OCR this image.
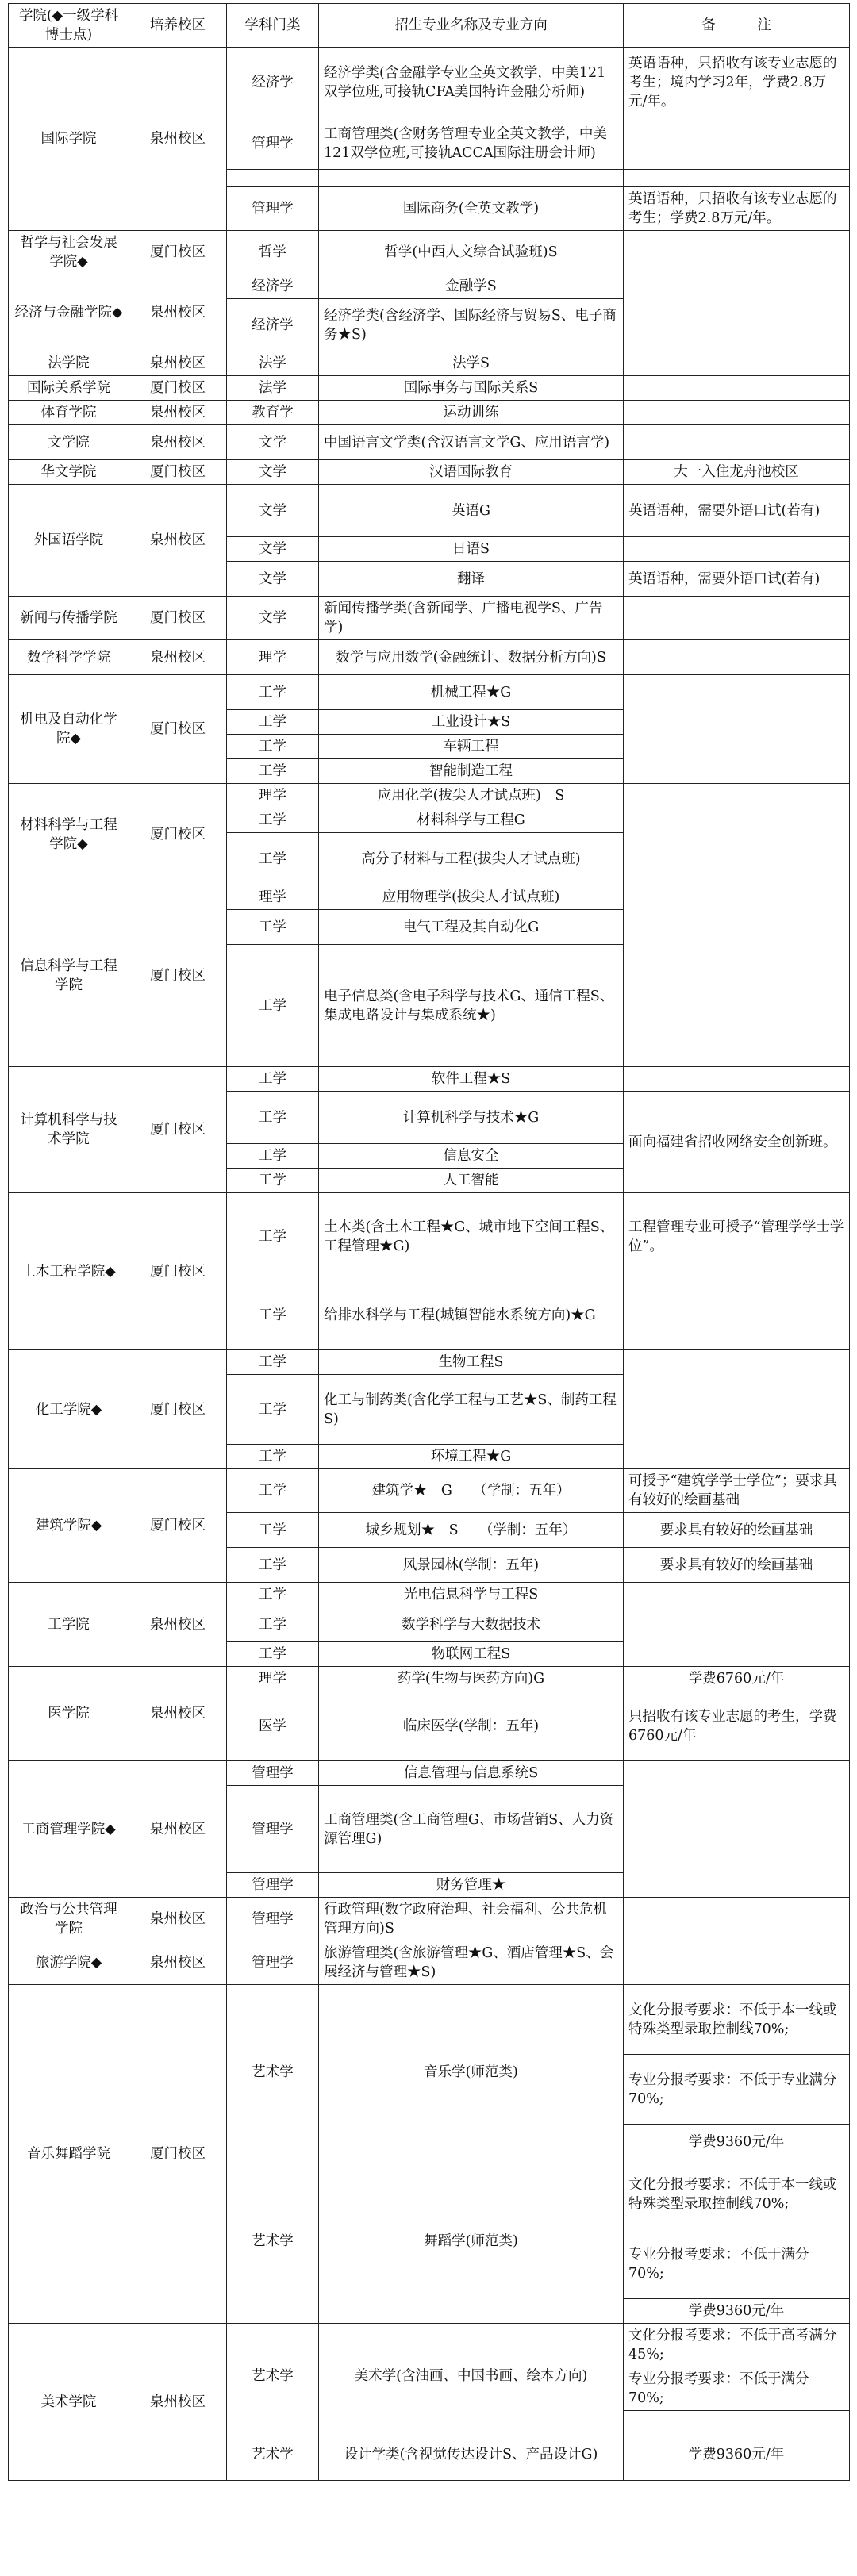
学院(◆一级学科博士点)	培养校区	学科门类	招生专业名称及专业方向	备　　　注
国际学院	泉州校区	经济学	经济学类(含金融学专业全英文教学，中美121双学位班,可接轨CFA美国特许金融分析师)	英语语种，只招收有该专业志愿的考生；境内学习2年，学费2.8万元/年。
		管理学	工商管理类(含财务管理专业全英文教学，中美121双学位班,可接轨ACCA国际注册会计师)	

		管理学	国际商务(全英文教学)	英语语种，只招收有该专业志愿的考生；学费2.8万元/年。
哲学与社会发展学院◆	厦门校区	哲学	哲学(中西人文综合试验班)S	
经济与金融学院◆	泉州校区	经济学	金融学S	
		经济学	经济学类(含经济学、国际经济与贸易S、电子商务★S)	
法学院	泉州校区	法学	法学S	
国际关系学院	厦门校区	法学	国际事务与国际关系S	
体育学院	泉州校区	教育学	运动训练	
文学院	泉州校区	文学	中国语言文学类(含汉语言文学G、应用语言学)	
华文学院	厦门校区	文学	汉语国际教育	大一入住龙舟池校区
外国语学院	泉州校区	文学	英语G	英语语种，需要外语口试(若有)
		文学	日语S	
		文学	翻译	英语语种，需要外语口试(若有)
新闻与传播学院	厦门校区	文学	新闻传播学类(含新闻学、广播电视学S、广告学)	
数学科学学院	泉州校区	理学	数学与应用数学(金融统计、数据分析方向)S	
机电及自动化学院◆	厦门校区	工学	机械工程★G	
		工学	工业设计★S	
		工学	车辆工程	
		工学	智能制造工程	
材料科学与工程学院◆	厦门校区	理学	应用化学(拔尖人才试点班)　S	
		工学	材料科学与工程G	
		工学	高分子材料与工程(拔尖人才试点班)	
信息科学与工程学院	厦门校区	理学	应用物理学(拔尖人才试点班)	
		工学	电气工程及其自动化G	
		工学	电子信息类(含电子科学与技术G、通信工程S、集成电路设计与集成系统★)	
计算机科学与技术学院	厦门校区	工学	软件工程★S	
		工学	计算机科学与技术★G	面向福建省招收网络安全创新班。
		工学	信息安全	
		工学	人工智能	
土木工程学院◆	厦门校区	工学	土木类(含土木工程★G、城市地下空间工程S、工程管理★G)	工程管理专业可授予“管理学学士学位”。
		工学	给排水科学与工程(城镇智能水系统方向)★G	
化工学院◆	厦门校区	工学	生物工程S	
		工学	化工与制药类(含化学工程与工艺★S、制药工程S)	
		工学	环境工程★G	
建筑学院◆	厦门校区	工学	建筑学★　G　　（学制：五年）	可授予“建筑学学士学位”；要求具有较好的绘画基础
		工学	城乡规划★　S　　（学制：五年）	要求具有较好的绘画基础
		工学	风景园林(学制：五年)	要求具有较好的绘画基础
工学院	泉州校区	工学	光电信息科学与工程S	
		工学	数学科学与大数据技术	
		工学	物联网工程S	
医学院	泉州校区	理学	药学(生物与医药方向)G	学费6760元/年
		医学	临床医学(学制：五年)	只招收有该专业志愿的考生，学费6760元/年
工商管理学院◆	泉州校区	管理学	信息管理与信息系统S	
		管理学	工商管理类(含工商管理G、市场营销S、人力资源管理G)	
		管理学	财务管理★	
政治与公共管理学院	泉州校区	管理学	行政管理(数字政府治理、社会福利、公共危机管理方向)S	
旅游学院◆	泉州校区	管理学	旅游管理类(含旅游管理★G、酒店管理★S、会展经济与管理★S)	
音乐舞蹈学院	厦门校区	艺术学	音乐学(师范类)	文化分报考要求：不低于本一线或特殊类型录取控制线70%;
				专业分报考要求：不低于专业满分70%;
				学费9360元/年
		艺术学	舞蹈学(师范类)	文化分报考要求：不低于本一线或特殊类型录取控制线70%;
				专业分报考要求：不低于满分70%;
				学费9360元/年
美术学院	泉州校区	艺术学	美术学(含油画、中国书画、绘本方向)	文化分报考要求：不低于高考满分45%;
				专业分报考要求：不低于满分70%;

		艺术学	设计学类(含视觉传达设计S、产品设计G)	学费9360元/年
